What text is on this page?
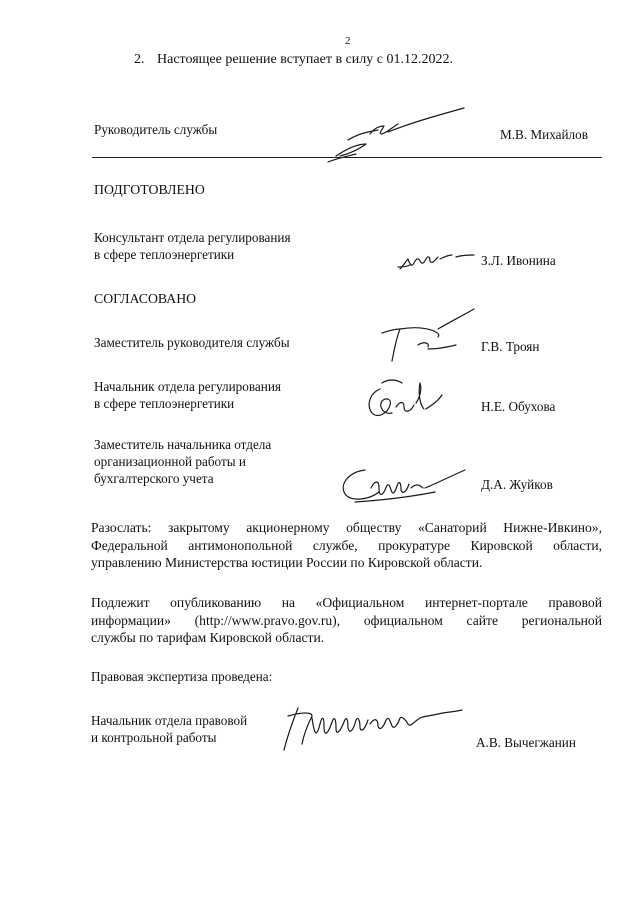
2
2. Настоящее решение вступает в силу с 01.12.2022.
Руководитель службы	М.В. Михайлов
ПОДГОТОВЛЕНО
Консультант отдела регулирования
в сфере теплоэнергетики	З.Л. Ивонина
СОГЛАСОВАНО
Заместитель руководителя службы	Г.В. Троян
Начальник отдела регулирования
в сфере теплоэнергетики	Н.Е. Обухова
Заместитель начальника отдела
организационной работы и
бухгалтерского учета	Д.А. Жуйков
Разослать: закрытому акционерному обществу «Санаторий Нижне-Ивкино»,
Федеральной антимонопольной службе, прокуратуре Кировской области,
управлению Министерства юстиции России по Кировской области.
Подлежит опубликованию на «Официальном интернет-портале правовой
информации» (http://www.pravo.gov.ru), официальном сайте региональной
службы по тарифам Кировской области.
Правовая экспертиза проведена:
Начальник отдела правовой
и контрольной работы	А.В. Вычегжанин
